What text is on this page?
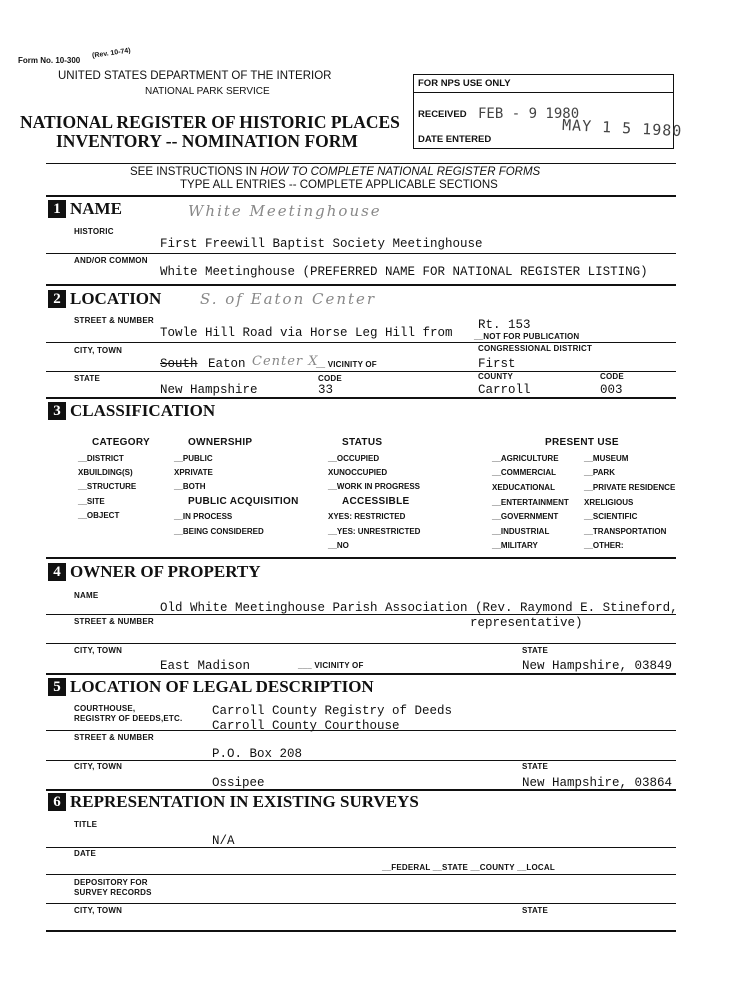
Form No. 10-300
(Rev. 10-74)
UNITED STATES DEPARTMENT OF THE INTERIOR
NATIONAL PARK SERVICE
NATIONAL REGISTER OF HISTORIC PLACES
INVENTORY -- NOMINATION FORM
FOR NPS USE ONLY
RECEIVED FEB - 9 1980
MAY 1 5 1980
DATE ENTERED
SEE INSTRUCTIONS IN HOW TO COMPLETE NATIONAL REGISTER FORMS
TYPE ALL ENTRIES -- COMPLETE APPLICABLE SECTIONS
1 NAME	White Meetinghouse
HISTORIC
First Freewill Baptist Society Meetinghouse
AND/OR COMMON
White Meetinghouse (PREFERRED NAME FOR NATIONAL REGISTER LISTING)
2 LOCATION	S. of Eaton Center
STREET & NUMBER
Towle Hill Road via Horse Leg Hill from
Rt. 153
__NOT FOR PUBLICATION
CITY, TOWN	CONGRESSIONAL DISTRICT
South Eaton Center X
__ VICINITY OF	First
STATE	CODE	COUNTY	CODE
New Hampshire	33	Carroll	003
3 CLASSIFICATION
CATEGORY
__DISTRICT
XBUILDING(S)
__STRUCTURE
__SITE
__OBJECT
OWNERSHIP
__PUBLIC
XPRIVATE
__BOTH
PUBLIC ACQUISITION
__IN PROCESS
__BEING CONSIDERED
STATUS
__OCCUPIED
XUNOCCUPIED
__WORK IN PROGRESS
ACCESSIBLE
XYES: RESTRICTED
__YES: UNRESTRICTED
__NO
PRESENT USE
__AGRICULTURE
__COMMERCIAL
XEDUCATIONAL
__ENTERTAINMENT
__GOVERNMENT
__INDUSTRIAL
__MILITARY
__MUSEUM
__PARK
__PRIVATE RESIDENCE
XRELIGIOUS
__SCIENTIFIC
__TRANSPORTATION
__OTHER:
4 OWNER OF PROPERTY
NAME
Old White Meetinghouse Parish Association (Rev. Raymond E. Stineford,
STREET & NUMBER	representative)
CITY, TOWN	STATE
East Madison	___ VICINITY OF	New Hampshire, 03849
5 LOCATION OF LEGAL DESCRIPTION
COURTHOUSE,
REGISTRY OF DEEDS,ETC.
Carroll County Registry of Deeds
Carroll County Courthouse
STREET & NUMBER
P.O. Box 208
CITY, TOWN	STATE
Ossipee	New Hampshire, 03864
6 REPRESENTATION IN EXISTING SURVEYS
TITLE
N/A
DATE
__FEDERAL __STATE __COUNTY __LOCAL
DEPOSITORY FOR
SURVEY RECORDS
CITY, TOWN	STATE
